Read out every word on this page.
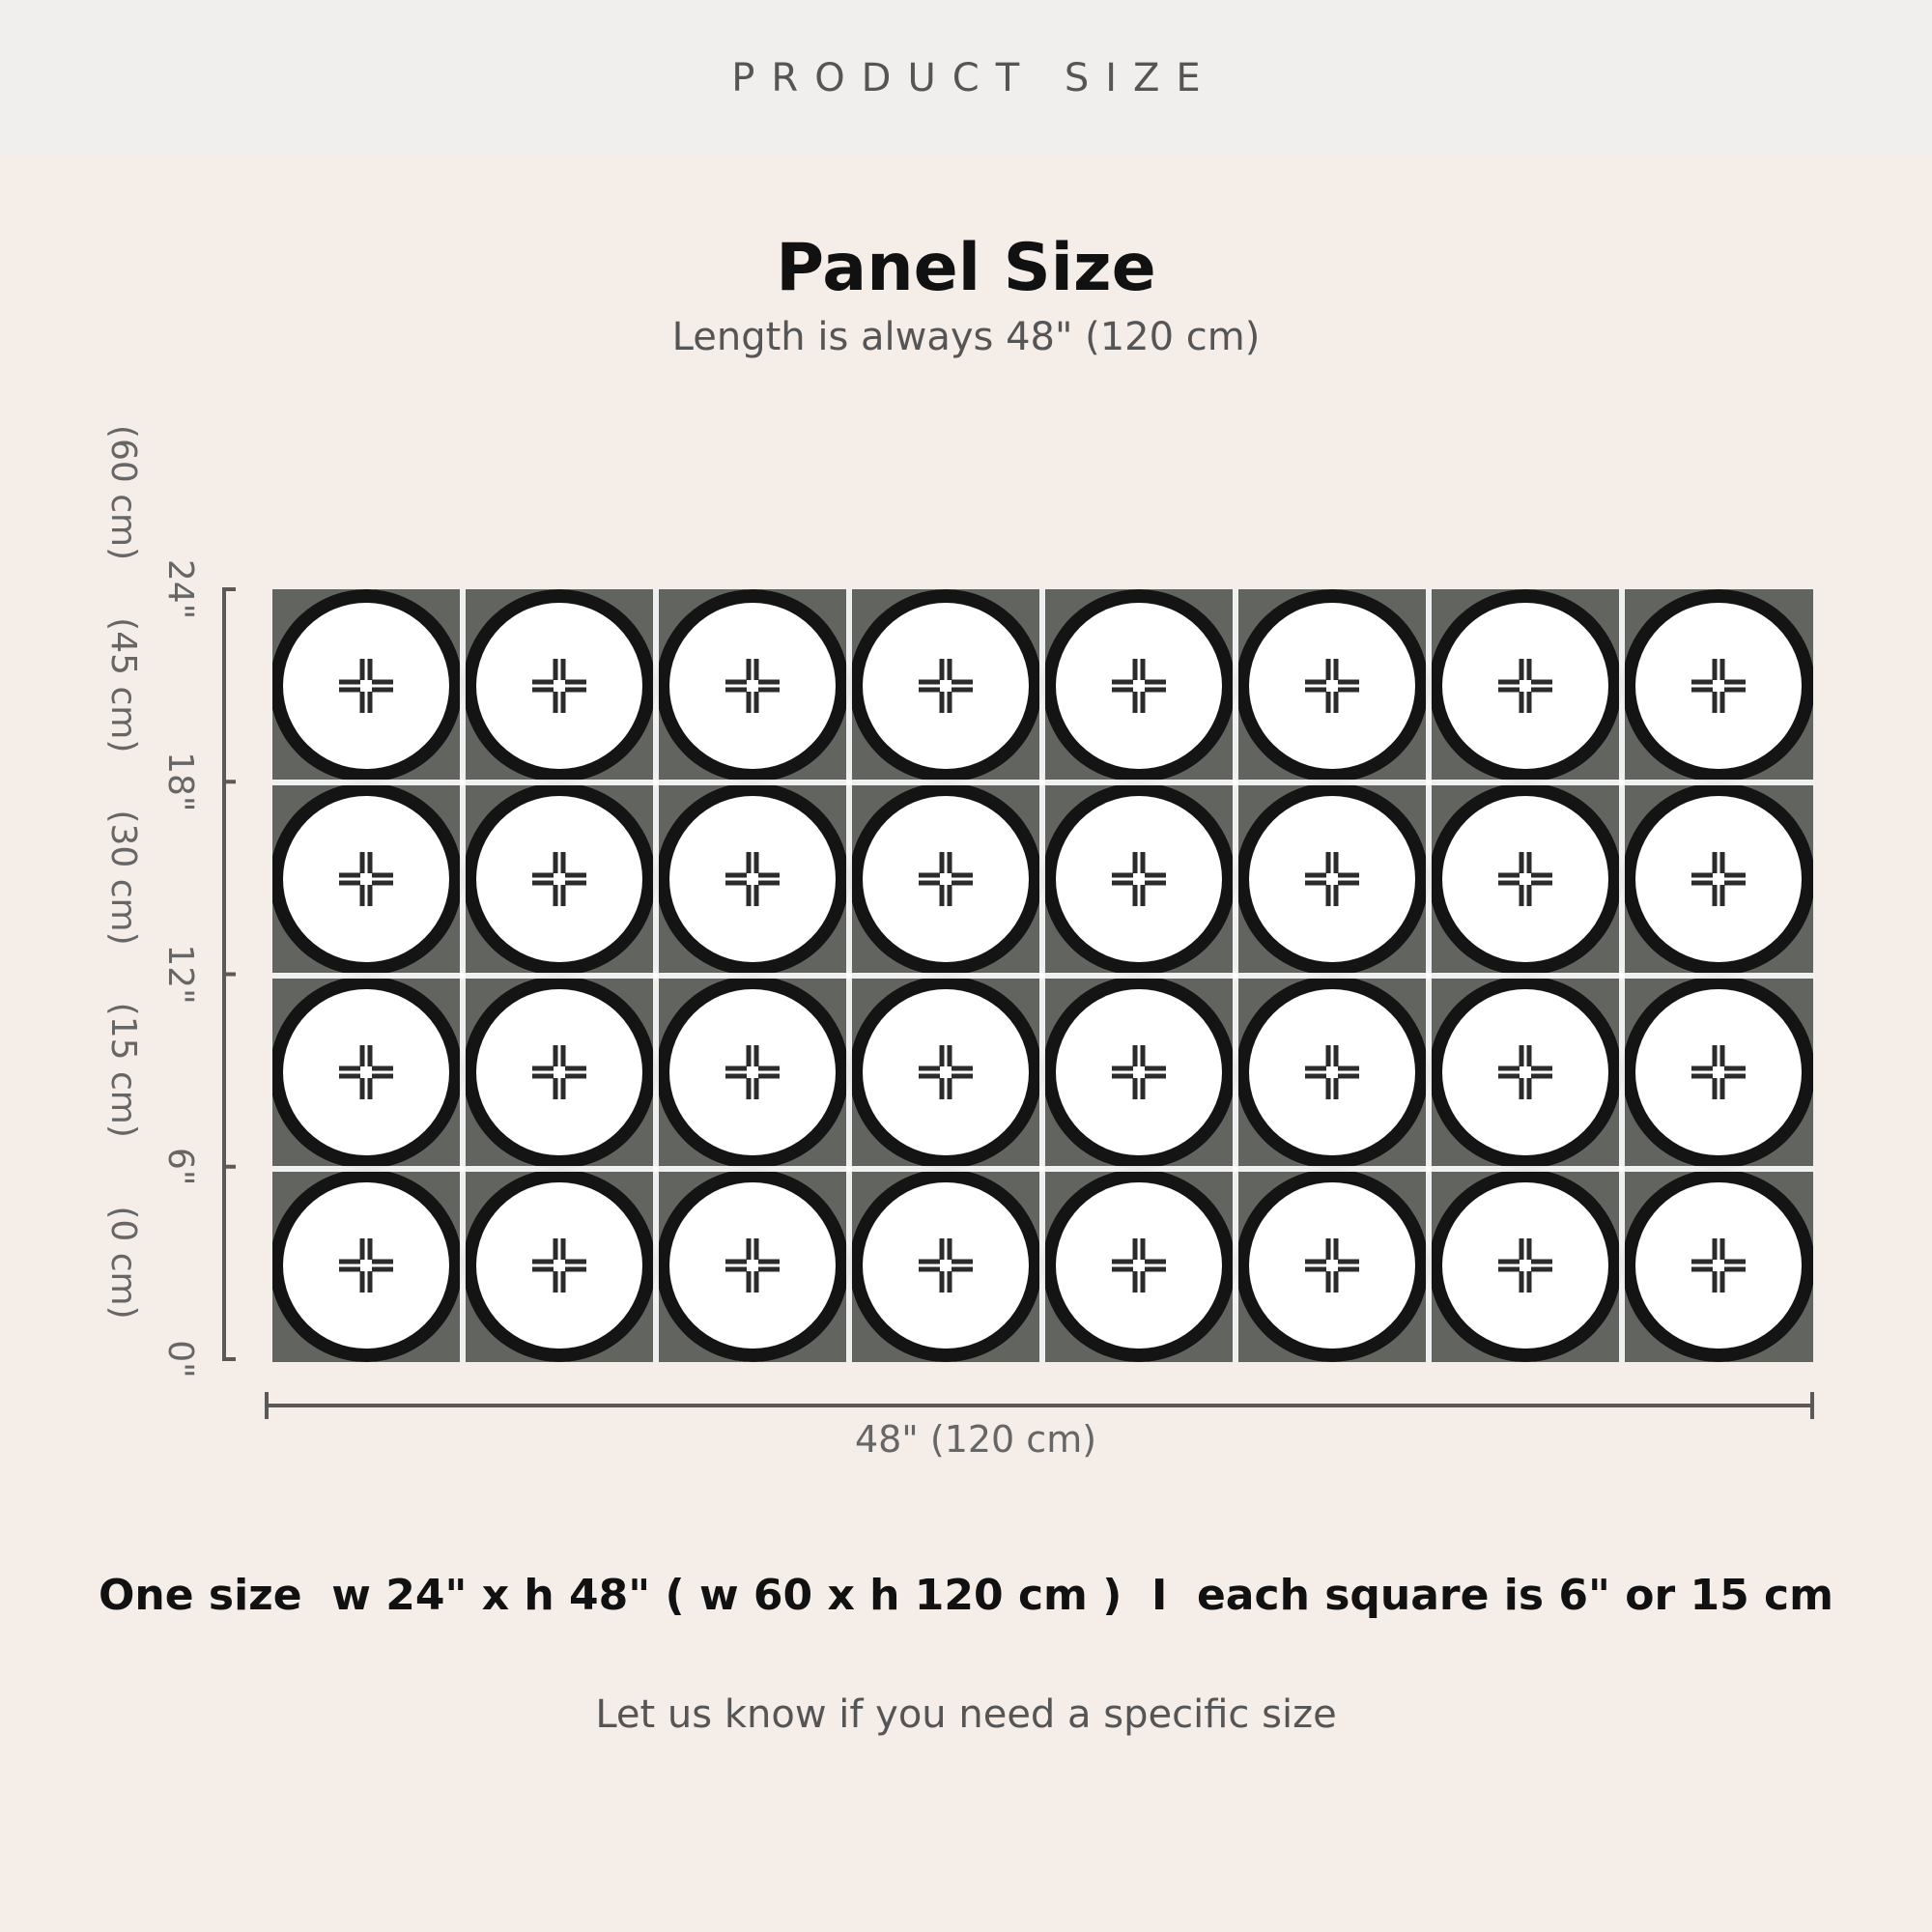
PRODUCT SIZE
Panel Size
Length is always 48" (120 cm)
0"
(0 cm)
6"
(15 cm)
12"
(30 cm)
18"
(45 cm)
24"
(60 cm)
48" (120 cm)
One size  w 24" x h 48" ( w 60 x h 120 cm )  I  each square is 6" or 15 cm
Let us know if you need a specific size
